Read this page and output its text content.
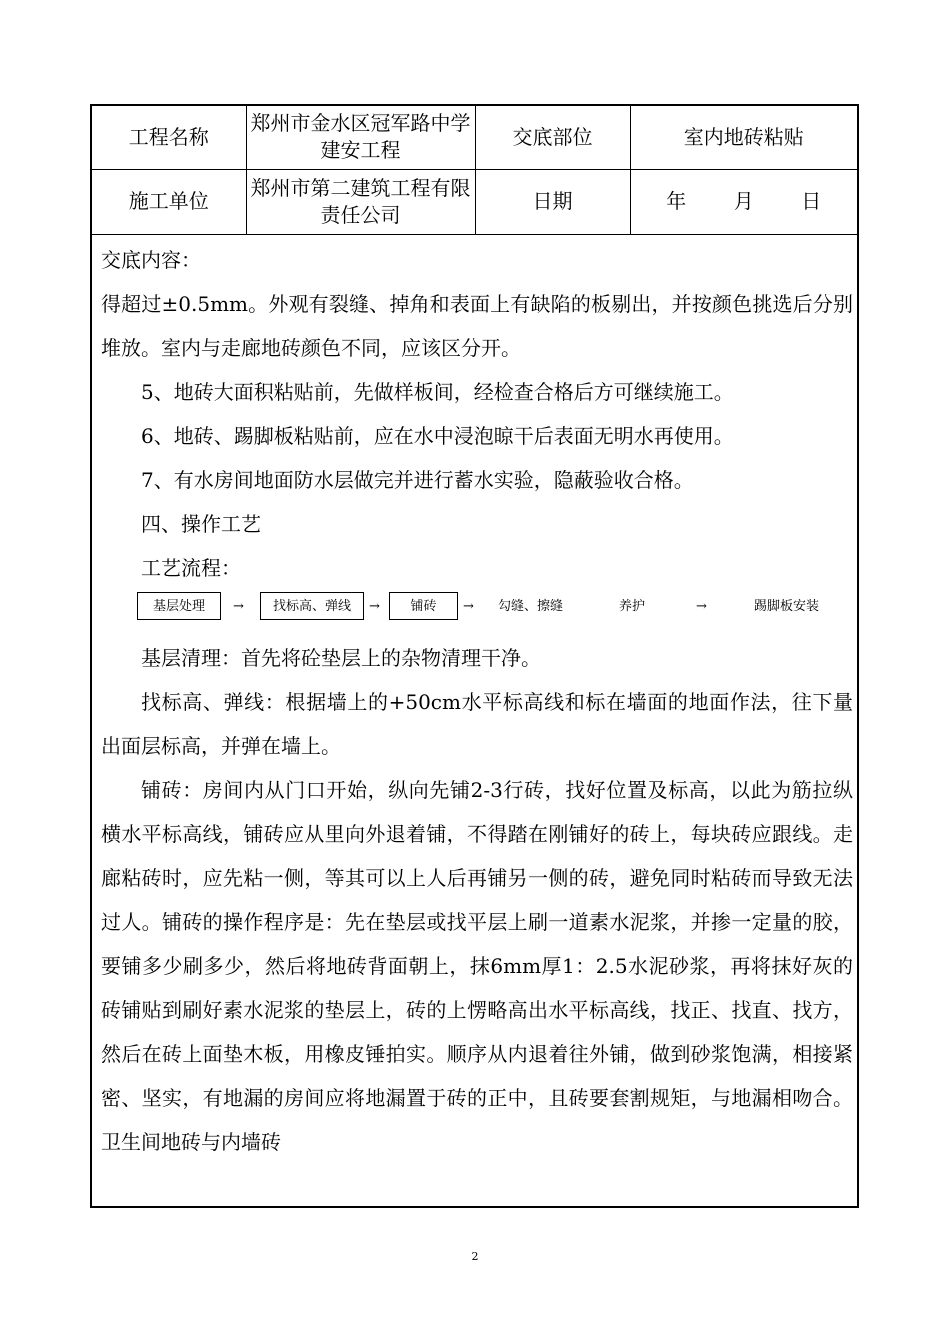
工程名称	郑州市金水区冠军路中学建安工程	交底部位	室内地砖粘贴
施工单位	郑州市第二建筑工程有限责任公司	日期	年 月 日

交底内容：

得超过±0.5mm。外观有裂缝、掉角和表面上有缺陷的板剔出，并按颜色挑选后分别堆放。室内与走廊地砖颜色不同，应该区分开。

5、地砖大面积粘贴前，先做样板间，经检查合格后方可继续施工。

6、地砖、踢脚板粘贴前，应在水中浸泡晾干后表面无明水再使用。

7、有水房间地面防水层做完并进行蓄水实验，隐蔽验收合格。

四、操作工艺

工艺流程：

基层处理	→	找标高、弹线	→	铺砖	→ 勾缝、擦缝	养护	→	踢脚板安装

基层清理：首先将砼垫层上的杂物清理干净。

找标高、弹线：根据墙上的+50cm水平标高线和标在墙面的地面作法，往下量出面层标高，并弹在墙上。

铺砖：房间内从门口开始，纵向先铺2-3行砖，找好位置及标高，以此为筋拉纵横水平标高线，铺砖应从里向外退着铺，不得踏在刚铺好的砖上，每块砖应跟线。走廊粘砖时，应先粘一侧，等其可以上人后再铺另一侧的砖，避免同时粘砖而导致无法过人。铺砖的操作程序是：先在垫层或找平层上刷一道素水泥浆，并掺一定量的胶，要铺多少刷多少，然后将地砖背面朝上，抹6mm厚1：2.5水泥砂浆，再将抹好灰的砖铺贴到刷好素水泥浆的垫层上，砖的上愣略高出水平标高线，找正、找直、找方，然后在砖上面垫木板，用橡皮锤拍实。顺序从内退着往外铺，做到砂浆饱满，相接紧密、坚实，有地漏的房间应将地漏置于砖的正中，且砖要套割规矩，与地漏相吻合。卫生间地砖与内墙砖

2
